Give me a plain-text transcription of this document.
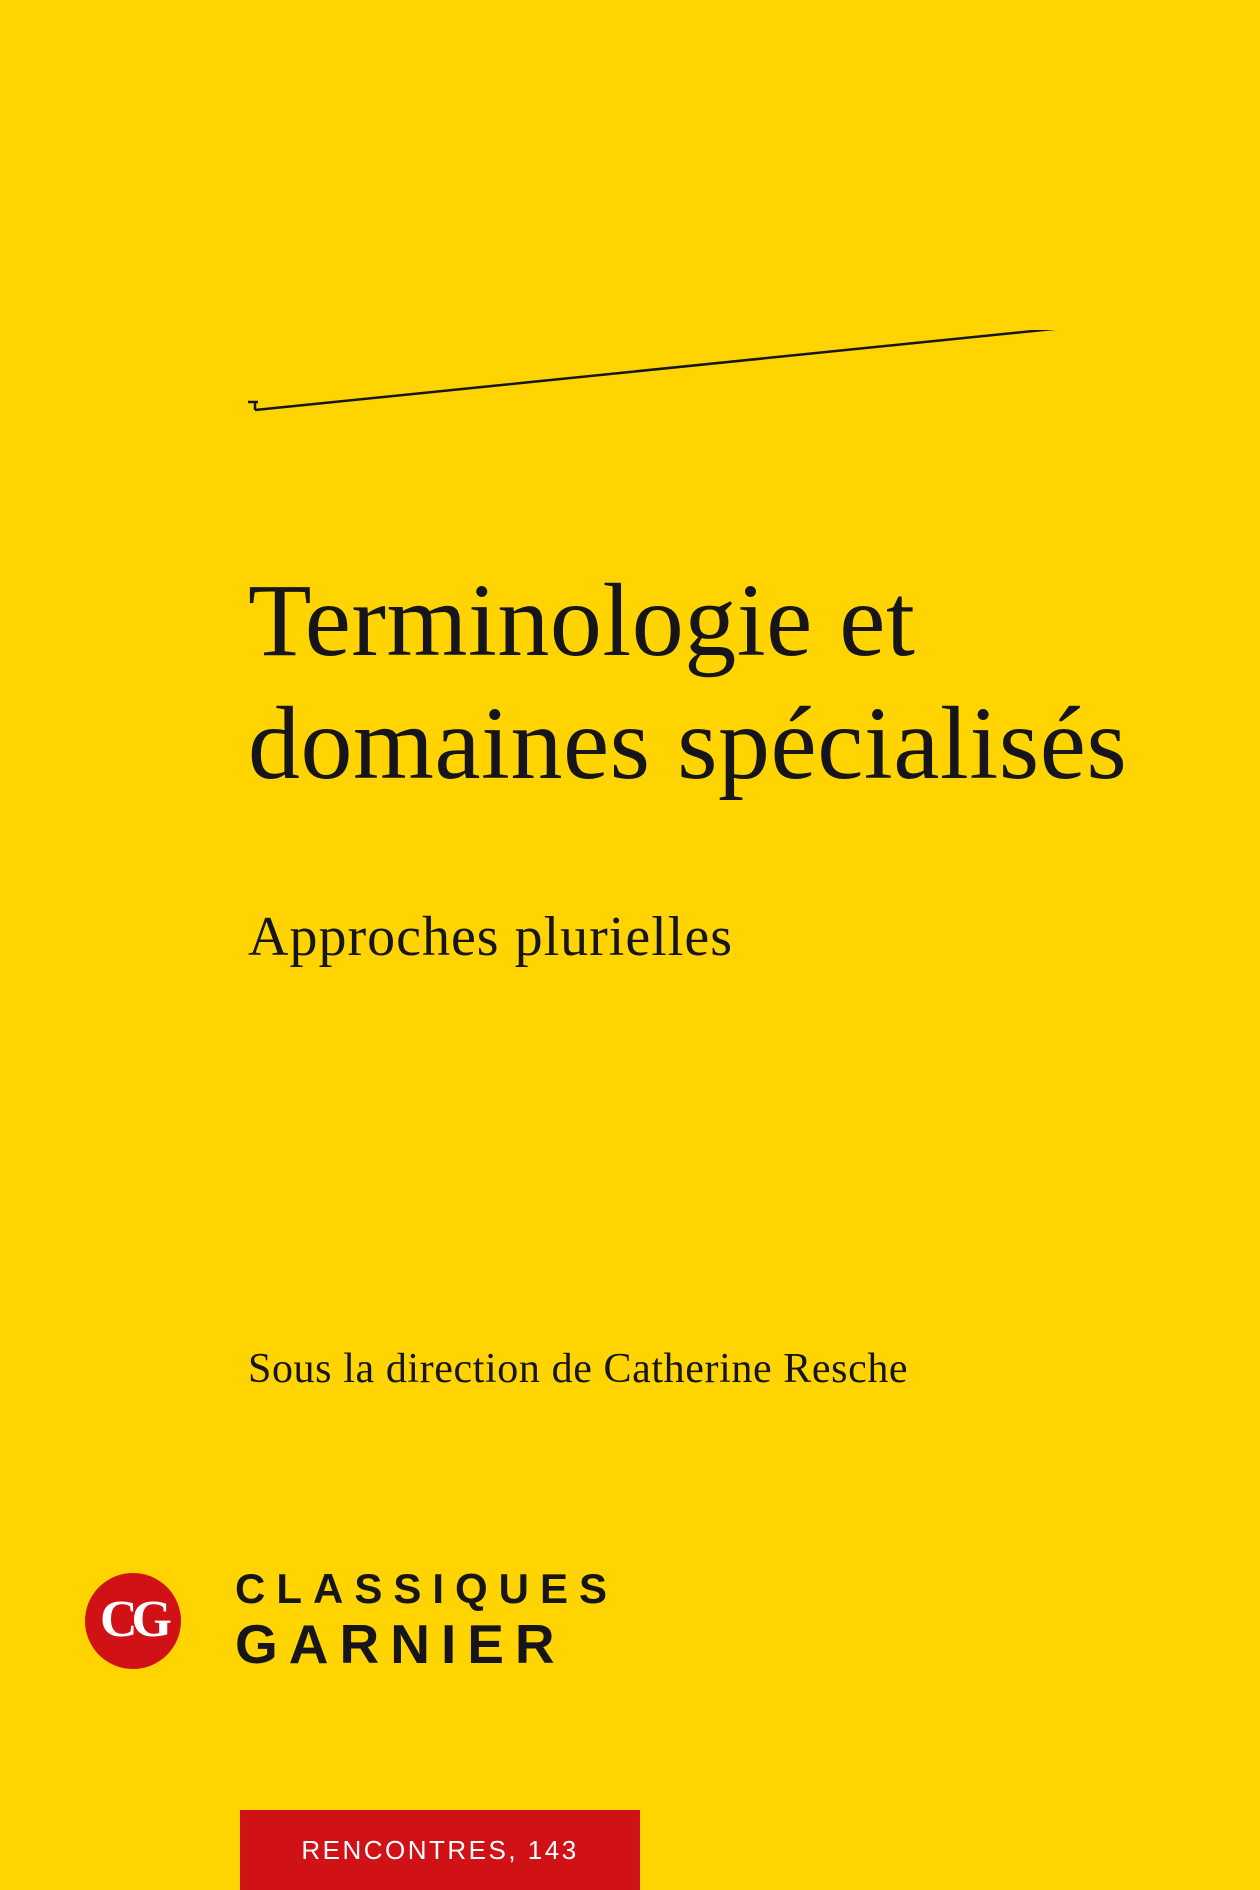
Terminologie et
domaines spécialisés
Approches plurielles
Sous la direction de Catherine Resche
CG
CLASSIQUES
GARNIER
RENCONTRES, 143
